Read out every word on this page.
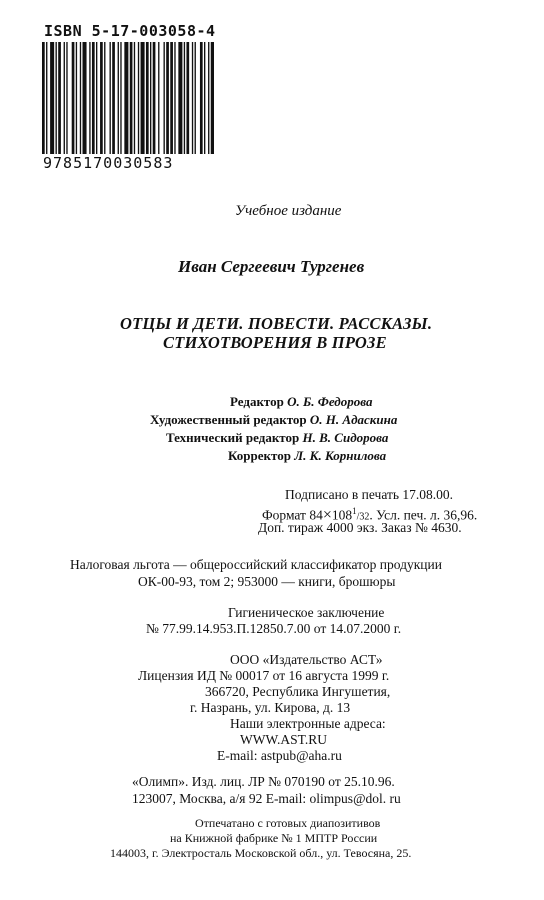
ISBN 5-17-003058-4
9785170030583
Учебное издание
Иван Сергеевич Тургенев
ОТЦЫ И ДЕТИ. ПОВЕСТИ. РАССКАЗЫ.
СТИХОТВОРЕНИЯ В ПРОЗЕ
Редактор О. Б. Федорова
Художественный редактор О. Н. Адаскина
Технический редактор Н. В. Сидорова
Корректор Л. К. Корнилова
Подписано в печать 17.08.00.
Формат $84\times 108^1/32$. Усл. печ. л. 36,96.
Доп. тираж 4000 экз. Заказ № 4630.
Налоговая льгота — общероссийский классификатор продукции
ОК-00-93, том 2; 953000 — книги, брошюры
Гигиеническое заключение
№ 77.99.14.953.П.12850.7.00 от 14.07.2000 г.
ООО «Издательство АСТ»
Лицензия ИД № 00017 от 16 августа 1999 г.
366720, Республика Ингушетия,
г. Назрань, ул. Кирова, д. 13
Наши электронные адреса:
WWW.AST.RU
E-mail: astpub@aha.ru
«Олимп». Изд. лиц. ЛР № 070190 от 25.10.96.
123007, Москва, а/я 92 E-mail: olimpus@dol. ru
Отпечатано с готовых диапозитивов
на Книжной фабрике № 1 МПТР России
144003, г. Электросталь Московской обл., ул. Тевосяна, 25.
